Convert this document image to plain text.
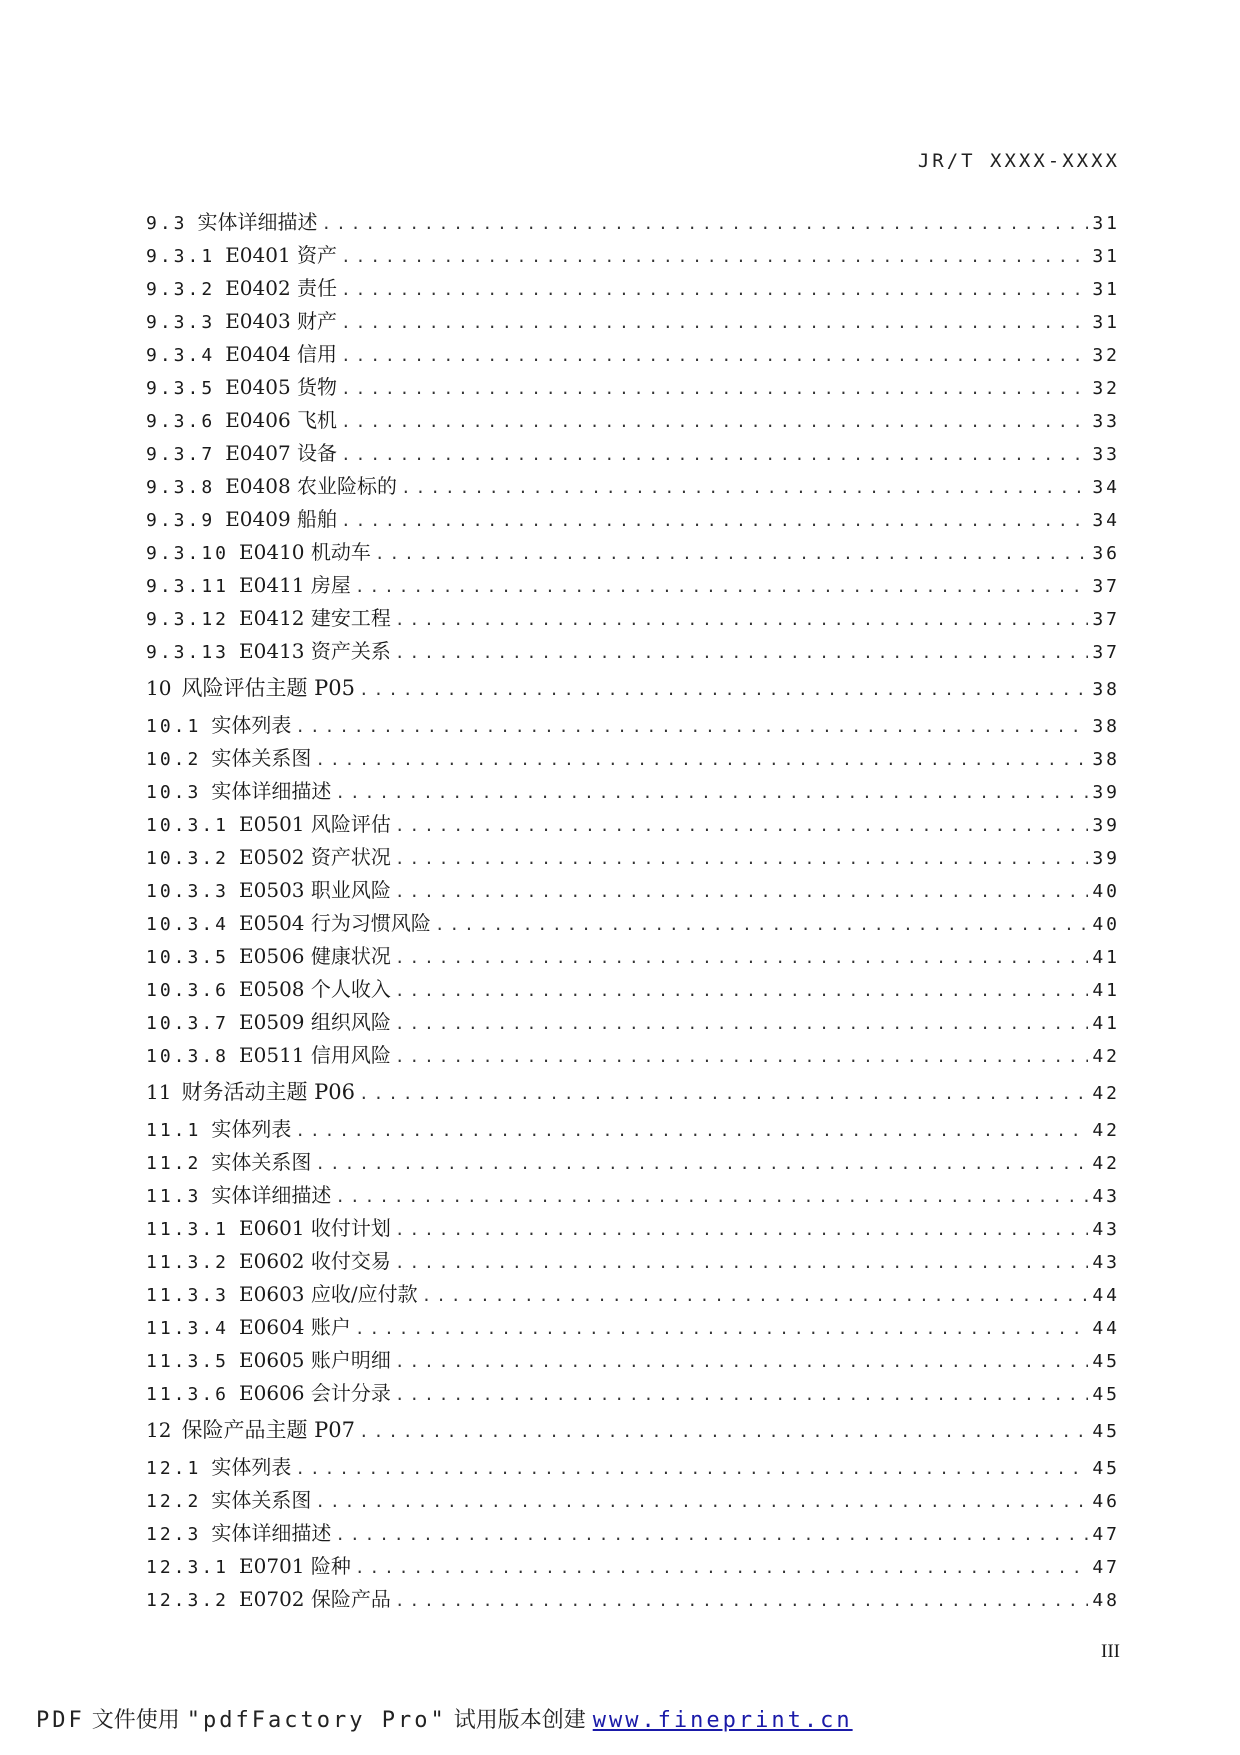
JR/T XXXX-XXXX
9.3 实体详细描述 .....	31
9.3.1 E0401 资产 .....	31
9.3.2 E0402 责任 .....	31
9.3.3 E0403 财产 .....	31
9.3.4 E0404 信用 .....	32
9.3.5 E0405 货物 .....	32
9.3.6 E0406 飞机 .....	33
9.3.7 E0407 设备 .....	33
9.3.8 E0408 农业险标的 .....	34
9.3.9 E0409 船舶 .....	34
9.3.10 E0410 机动车 .....	36
9.3.11 E0411 房屋 .....	37
9.3.12 E0412 建安工程 .....	37
9.3.13 E0413 资产关系 .....	37
10 风险评估主题 P05 .....	38
10.1 实体列表 .....	38
10.2 实体关系图 .....	38
10.3 实体详细描述 .....	39
10.3.1 E0501 风险评估 .....	39
10.3.2 E0502 资产状况 .....	39
10.3.3 E0503 职业风险 .....	40
10.3.4 E0504 行为习惯风险 .....	40
10.3.5 E0506 健康状况 .....	41
10.3.6 E0508 个人收入 .....	41
10.3.7 E0509 组织风险 .....	41
10.3.8 E0511 信用风险 .....	42
11 财务活动主题 P06 .....	42
11.1 实体列表 .....	42
11.2 实体关系图 .....	42
11.3 实体详细描述 .....	43
11.3.1 E0601 收付计划 .....	43
11.3.2 E0602 收付交易 .....	43
11.3.3 E0603 应收/应付款 .....	44
11.3.4 E0604 账户 .....	44
11.3.5 E0605 账户明细 .....	45
11.3.6 E0606 会计分录 .....	45
12 保险产品主题 P07 .....	45
12.1 实体列表 .....	45
12.2 实体关系图 .....	46
12.3 实体详细描述 .....	47
12.3.1 E0701 险种 .....	47
12.3.2 E0702 保险产品 .....	48
III
PDF 文件使用 "pdfFactory Pro" 试用版本创建 www.fineprint.cn
